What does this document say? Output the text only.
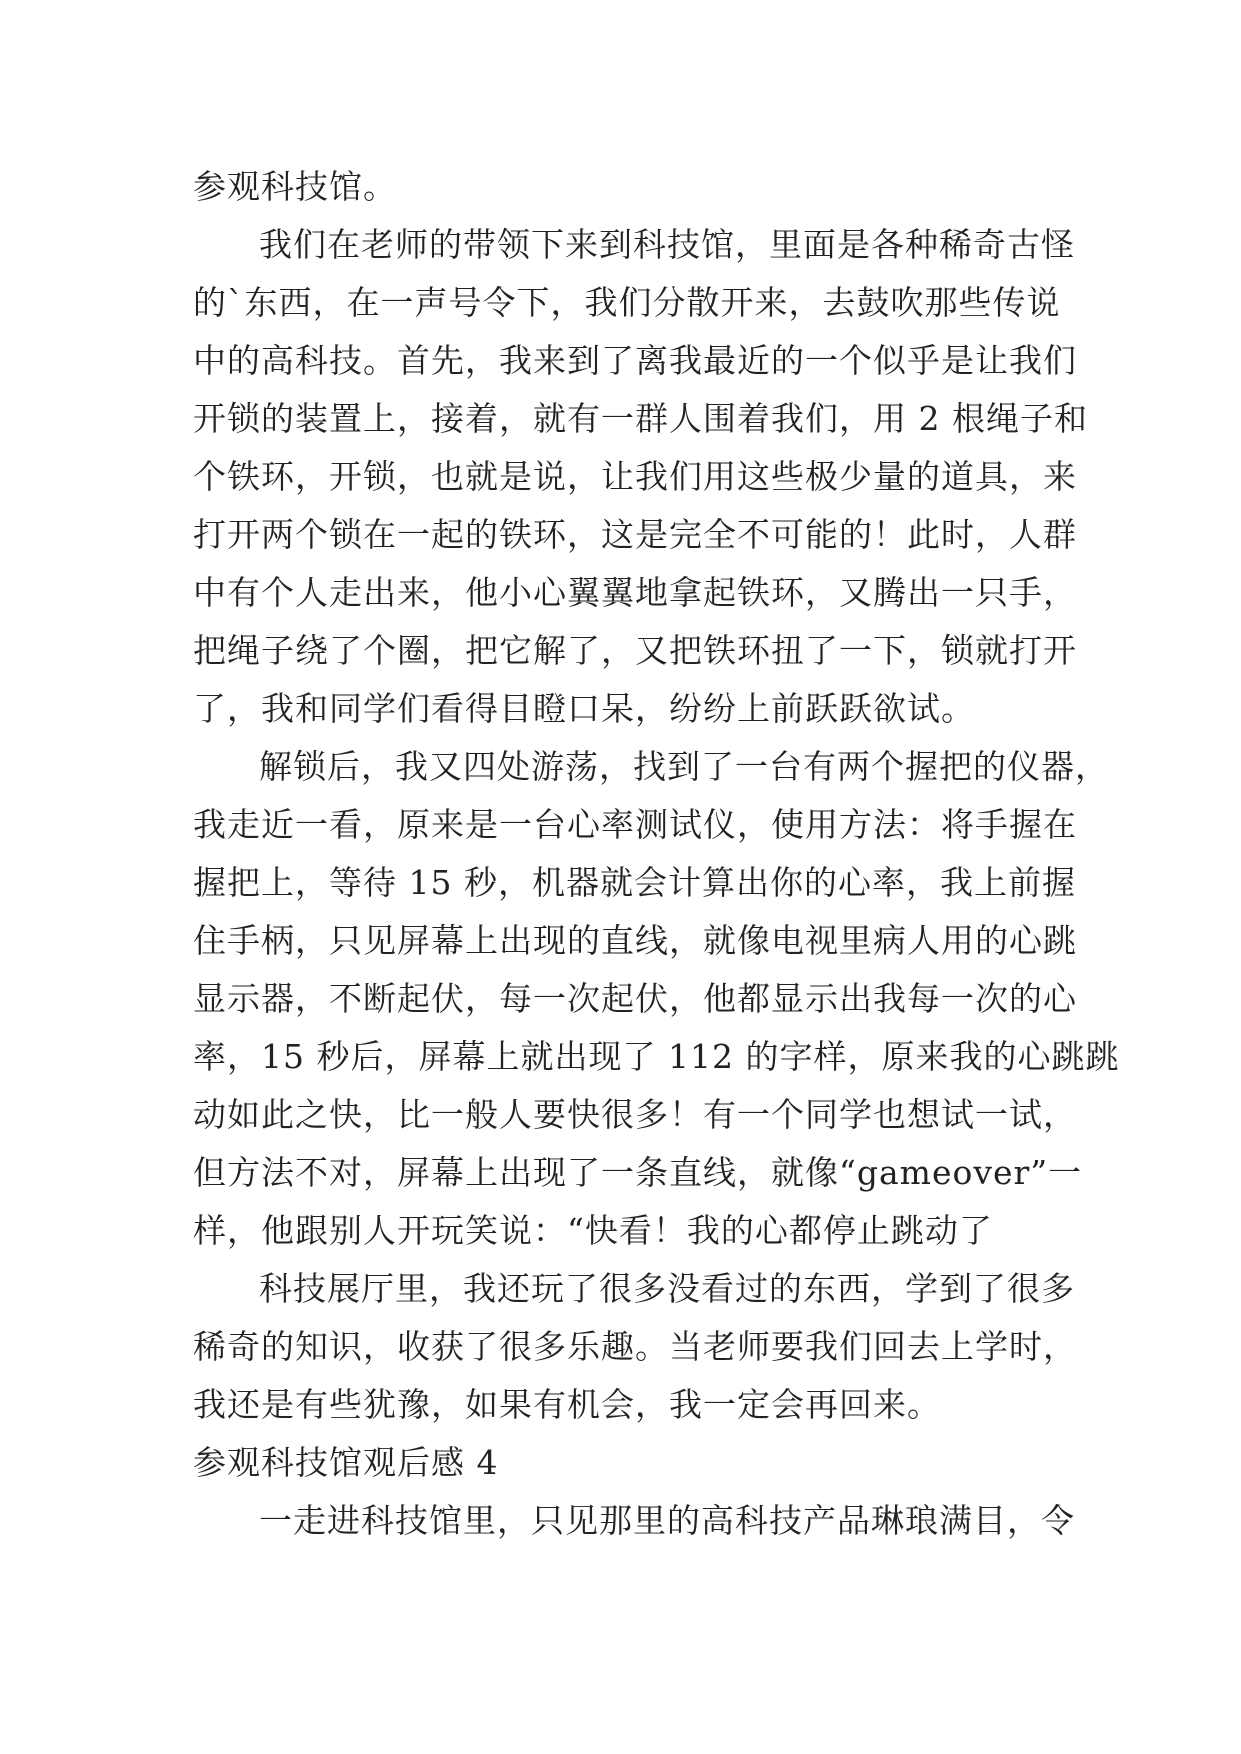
参观科技馆。
我们在老师的带领下来到科技馆，里面是各种稀奇古怪
的`东西，在一声号令下，我们分散开来，去鼓吹那些传说
中的高科技。首先，我来到了离我最近的一个似乎是让我们
开锁的装置上，接着，就有一群人围着我们，用 2 根绳子和
个铁环，开锁，也就是说，让我们用这些极少量的道具，来
打开两个锁在一起的铁环，这是完全不可能的！此时，人群
中有个人走出来，他小心翼翼地拿起铁环，又腾出一只手，
把绳子绕了个圈，把它解了，又把铁环扭了一下，锁就打开
了，我和同学们看得目瞪口呆，纷纷上前跃跃欲试。
解锁后，我又四处游荡，找到了一台有两个握把的仪器，
我走近一看，原来是一台心率测试仪，使用方法：将手握在
握把上，等待 15 秒，机器就会计算出你的心率，我上前握
住手柄，只见屏幕上出现的直线，就像电视里病人用的心跳
显示器，不断起伏，每一次起伏，他都显示出我每一次的心
率，15 秒后，屏幕上就出现了 112 的字样，原来我的心跳跳
动如此之快，比一般人要快很多！有一个同学也想试一试，
但方法不对，屏幕上出现了一条直线，就像“gameover”一
样，他跟别人开玩笑说：“快看！我的心都停止跳动了
科技展厅里，我还玩了很多没看过的东西，学到了很多
稀奇的知识，收获了很多乐趣。当老师要我们回去上学时，
我还是有些犹豫，如果有机会，我一定会再回来。
参观科技馆观后感 4
一走进科技馆里，只见那里的高科技产品琳琅满目，令
